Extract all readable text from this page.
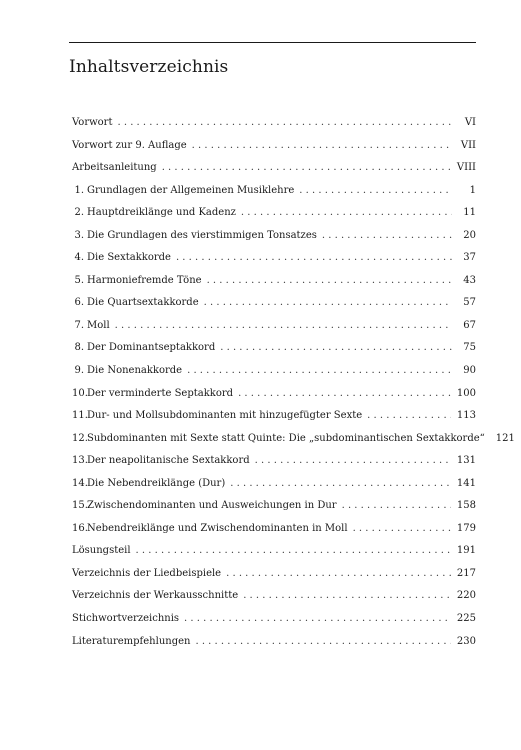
Inhaltsverzeichnis
Vorwort . . .	VI
Vorwort zur 9. Auflage . . .	VII
Arbeitsanleitung . . .	VIII
1. Grundlagen der Allgemeinen Musiklehre . . .	1
2. Hauptdreiklänge und Kadenz . . .	11
3. Die Grundlagen des vierstimmigen Tonsatzes . . .	20
4. Die Sextakkorde . . .	37
5. Harmoniefremde Töne . . .	43
6. Die Quartsextakkorde . . .	57
7. Moll . . .	67
8. Der Dominantseptakkord . . .	75
9. Die Nonenakkorde . . .	90
10. Der verminderte Septakkord . . .	100
11. Dur- und Mollsubdominanten mit hinzugefügter Sexte . . .	113
12. Subdominanten mit Sexte statt Quinte: Die „subdominantischen Sextakkorde“ 121
13. Der neapolitanische Sextakkord . . .	131
14. Die Nebendreiklänge (Dur) . . .	141
15. Zwischendominanten und Ausweichungen in Dur . . .	158
16. Nebendreiklänge und Zwischendominanten in Moll . . .	179
Lösungsteil . . .	191
Verzeichnis der Liedbeispiele . . .	217
Verzeichnis der Werkausschnitte . . .	220
Stichwortverzeichnis . . .	225
Literaturempfehlungen . . .	230
